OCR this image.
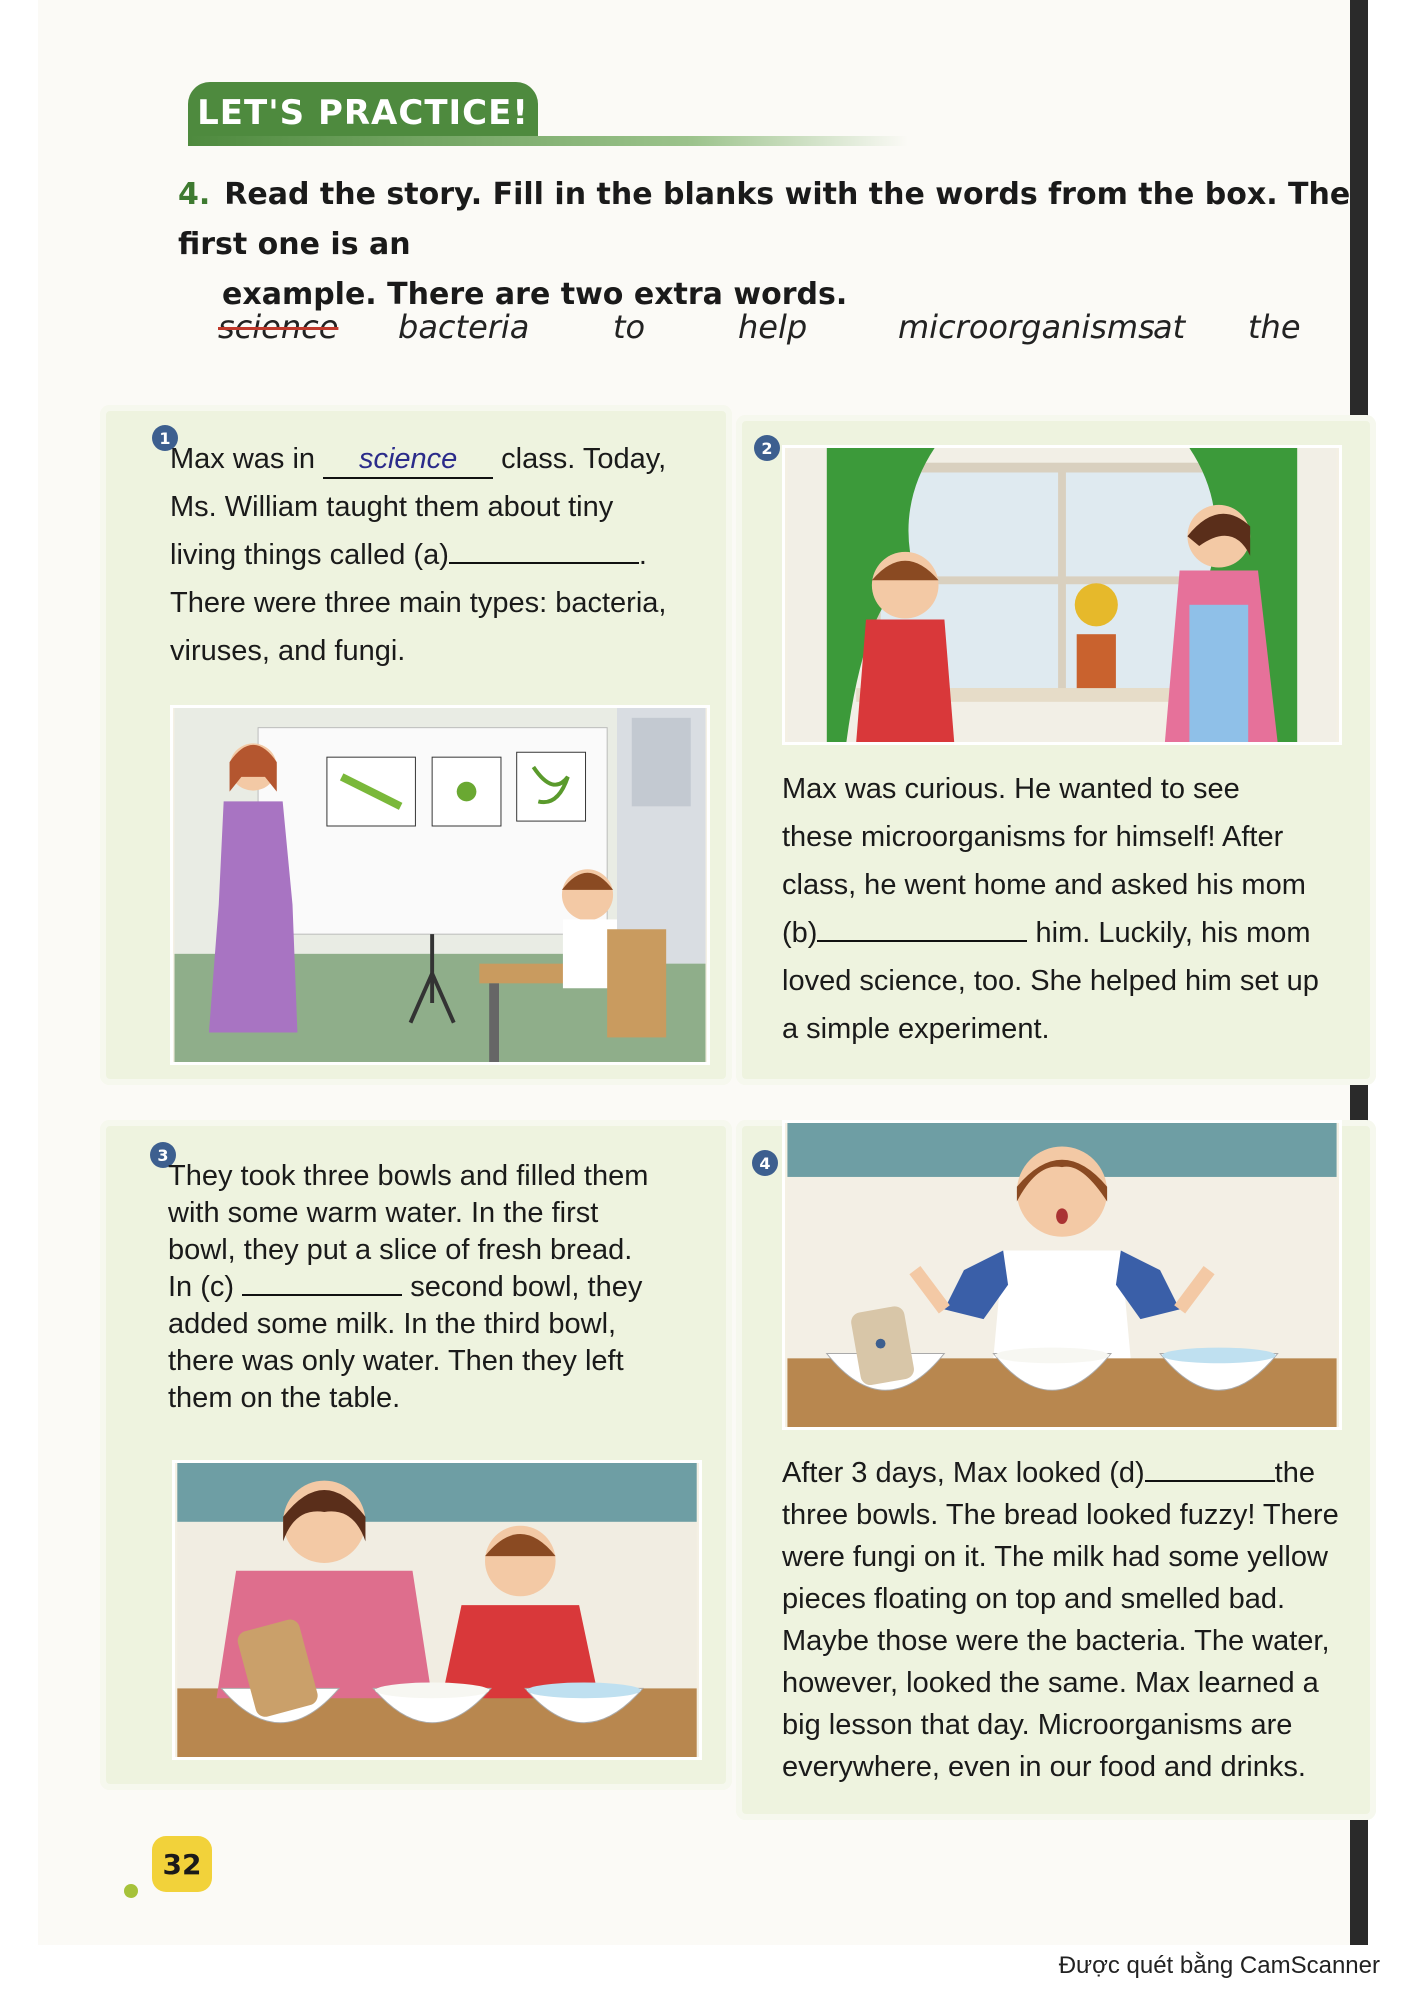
LET'S PRACTICE!
4. Read the story. Fill in the blanks with the words from the box. The first one is an
example. There are two extra words.
science bacteria	to	help	microorganisms
at the
1
Max was in science class. Today,
Ms. William taught them about tiny
living things called (a)	.
There were three main types: bacteria,
viruses, and fungi.
2
Max was curious. He wanted to see
these microorganisms for himself! After
class, he went home and asked his mom
(b)	him. Luckily, his mom
loved science, too. She helped him set up
a simple experiment.
3
They took three bowls and filled them
with some warm water. In the first
bowl, they put a slice of fresh bread.
In (c)	second bowl, they
added some milk. In the third bowl,
there was only water. Then they left
them on the table.
4
After 3 days, Max looked (d)	the
three bowls. The bread looked fuzzy! There
were fungi on it. The milk had some yellow
pieces floating on top and smelled bad.
Maybe those were the bacteria. The water,
however, looked the same. Max learned a
big lesson that day. Microorganisms are
everywhere, even in our food and drinks.
32
Được quét bằng CamScanner
